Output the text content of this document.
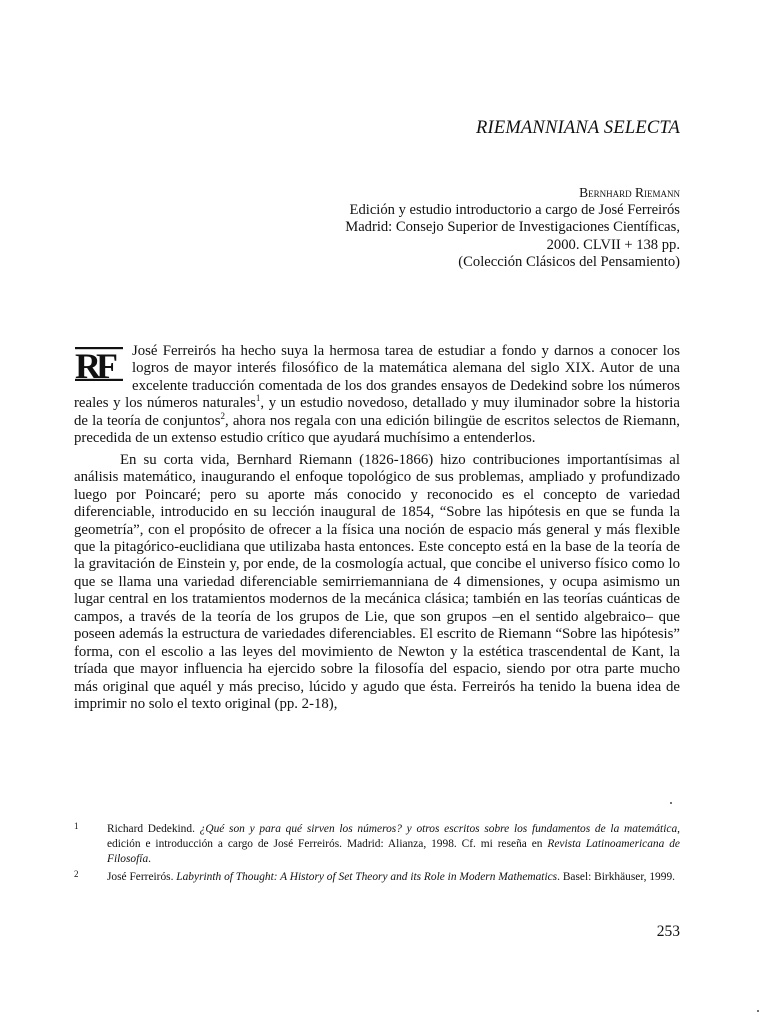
RIEMANNIANA SELECTA
Bernhard Riemann
Edición y estudio introductorio a cargo de José Ferreirós
Madrid: Consejo Superior de Investigaciones Científicas,
2000. CLVII + 138 pp.
(Colección Clásicos del Pensamiento)

RF José Ferreirós ha hecho suya la hermosa tarea de estudiar a fondo y darnos a conocer los logros de mayor interés filosófico de la matemática alemana del siglo XIX. Autor de una excelente traducción comentada de los dos grandes ensayos de Dedekind sobre los números reales y los números naturales$^1$, y un estudio novedoso, detallado y muy iluminador sobre la historia de la teoría de conjuntos$^2$, ahora nos regala con una edición bilingüe de escritos selectos de Riemann, precedida de un extenso estudio crítico que ayudará muchísimo a entenderlos.

En su corta vida, Bernhard Riemann (1826-1866) hizo contribuciones importantísimas al análisis matemático, inaugurando el enfoque topológico de sus problemas, ampliado y profundizado luego por Poincaré; pero su aporte más conocido y reconocido es el concepto de variedad diferenciable, introducido en su lección inaugural de 1854, “Sobre las hipótesis en que se funda la geometría”, con el propósito de ofrecer a la física una noción de espacio más general y más flexible que la pitagórico-euclidiana que utilizaba hasta entonces. Este concepto está en la base de la teoría de la gravitación de Einstein y, por ende, de la cosmología actual, que concibe el universo físico como lo que se llama una variedad diferenciable semirriemanniana de 4 dimensiones, y ocupa asimismo un lugar central en los tratamientos modernos de la mecánica clásica; también en las teorías cuánticas de campos, a través de la teoría de los grupos de Lie, que son grupos –en el sentido algebraico– que poseen además la estructura de variedades diferenciables. El escrito de Riemann “Sobre las hipótesis” forma, con el escolio a las leyes del movimiento de Newton y la estética trascendental de Kant, la tríada que mayor influencia ha ejercido sobre la filosofía del espacio, siendo por otra parte mucho más original que aquél y más preciso, lúcido y agudo que ésta. Ferreirós ha tenido la buena idea de imprimir no solo el texto original (pp. 2-18),

1	Richard Dedekind. ¿Qué son y para qué sirven los números? y otros escritos sobre los fundamentos de la matemática, edición e introducción a cargo de José Ferreirós. Madrid: Alianza, 1998. Cf. mi reseña en Revista Latinoamericana de Filosofía.
2	José Ferreirós. Labyrinth of Thought: A History of Set Theory and its Role in Modern Mathematics. Basel: Birkhäuser, 1999.
253
